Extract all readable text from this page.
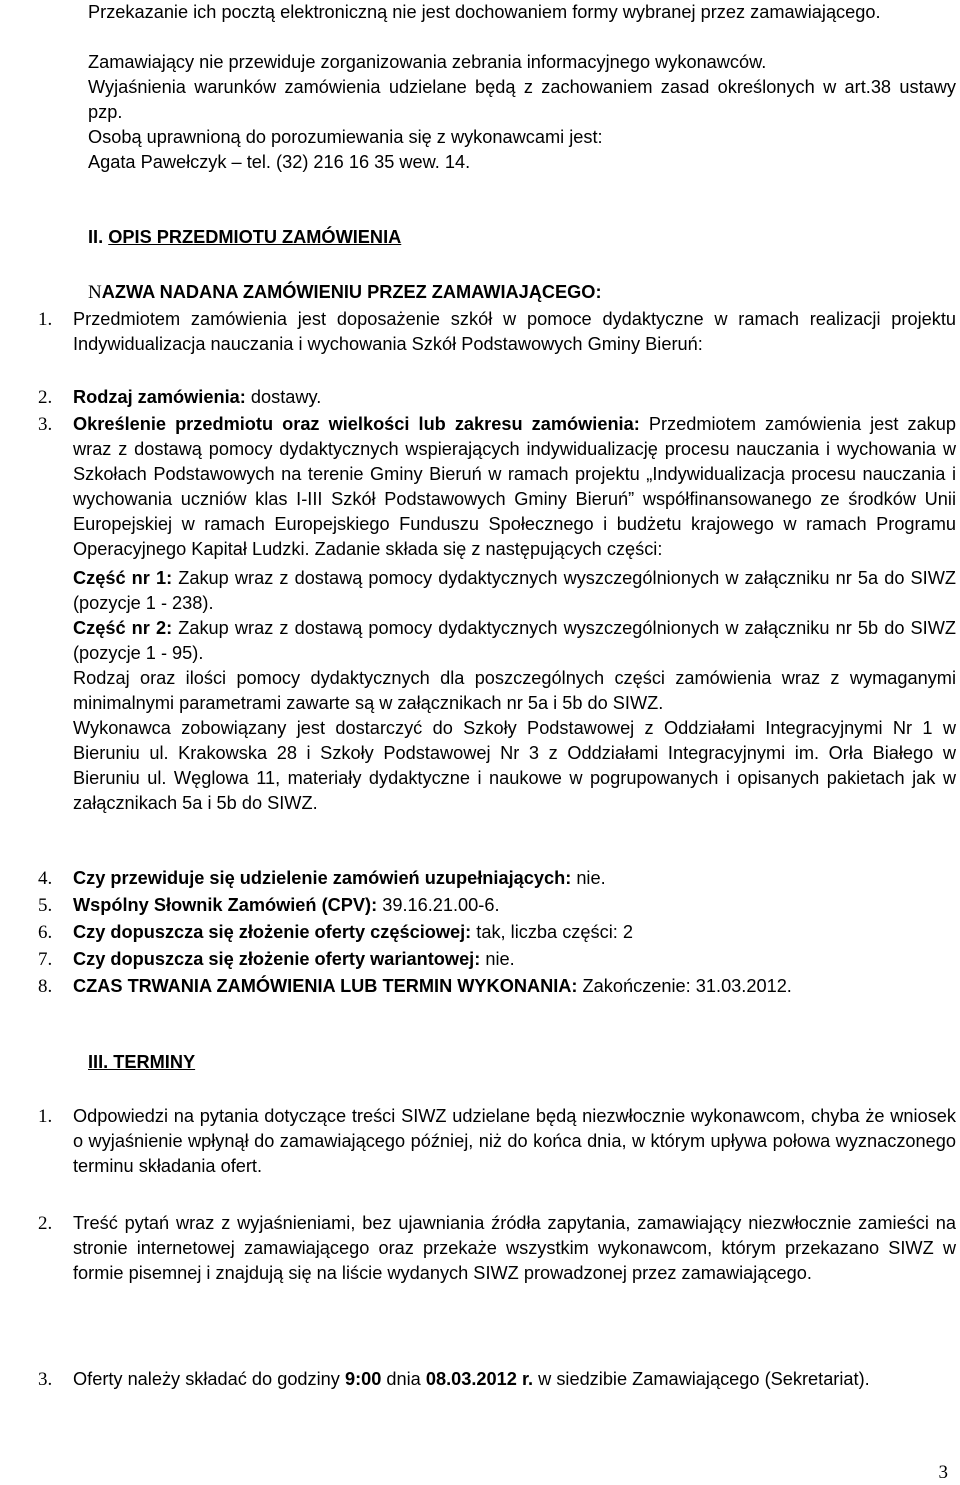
Przekazanie ich pocztą elektroniczną nie jest dochowaniem formy wybranej przez zamawiającego.
Zamawiający nie przewiduje zorganizowania zebrania informacyjnego wykonawców.
Wyjaśnienia warunków zamówienia udzielane będą z zachowaniem zasad określonych w art.38 ustawy pzp.
Osobą uprawnioną do porozumiewania się z wykonawcami jest:
Agata Pawełczyk – tel. (32) 216 16 35 wew. 14.
II. OPIS PRZEDMIOTU ZAMÓWIENIA
NAZWA NADANA ZAMÓWIENIU PRZEZ ZAMAWIAJĄCEGO:
1. Przedmiotem zamówienia jest doposażenie szkół w pomoce dydaktyczne w ramach realizacji projektu Indywidualizacja nauczania i wychowania Szkół Podstawowych Gminy Bieruń:
2. Rodzaj zamówienia: dostawy.
3. Określenie przedmiotu oraz wielkości lub zakresu zamówienia: Przedmiotem zamówienia jest zakup wraz z dostawą pomocy dydaktycznych wspierających indywidualizację procesu nauczania i wychowania w Szkołach Podstawowych na terenie Gminy Bieruń w ramach projektu „Indywidualizacja procesu nauczania i wychowania uczniów klas I-III Szkół Podstawowych Gminy Bieruń” współfinansowanego ze środków Unii Europejskiej w ramach Europejskiego Funduszu Społecznego i budżetu krajowego w ramach Programu Operacyjnego Kapitał Ludzki. Zadanie składa się z następujących części:
Część nr 1: Zakup wraz z dostawą pomocy dydaktycznych wyszczególnionych w załączniku nr 5a do SIWZ (pozycje 1 - 238).
Część nr 2: Zakup wraz z dostawą pomocy dydaktycznych wyszczególnionych w załączniku nr 5b do SIWZ (pozycje 1 - 95).
Rodzaj oraz ilości pomocy dydaktycznych dla poszczególnych części zamówienia wraz z wymaganymi minimalnymi parametrami zawarte są w załącznikach nr 5a i 5b do SIWZ.
Wykonawca zobowiązany jest dostarczyć do Szkoły Podstawowej z Oddziałami Integracyjnymi Nr 1 w Bieruniu ul. Krakowska 28 i Szkoły Podstawowej Nr 3 z Oddziałami Integracyjnymi im. Orła Białego w Bieruniu ul. Węglowa 11, materiały dydaktyczne i naukowe w pogrupowanych i opisanych pakietach jak w załącznikach 5a i 5b do SIWZ.
4. Czy przewiduje się udzielenie zamówień uzupełniających: nie.
5. Wspólny Słownik Zamówień (CPV): 39.16.21.00-6.
6. Czy dopuszcza się złożenie oferty częściowej: tak, liczba części: 2
7. Czy dopuszcza się złożenie oferty wariantowej: nie.
8. CZAS TRWANIA ZAMÓWIENIA LUB TERMIN WYKONANIA: Zakończenie: 31.03.2012.
III. TERMINY
1. Odpowiedzi na pytania dotyczące treści SIWZ udzielane będą niezwłocznie wykonawcom, chyba że wniosek o wyjaśnienie wpłynął do zamawiającego później, niż do końca dnia, w którym upływa połowa wyznaczonego terminu składania ofert.
2. Treść pytań wraz z wyjaśnieniami, bez ujawniania źródła zapytania, zamawiający niezwłocznie zamieści na stronie internetowej zamawiającego oraz przekaże wszystkim wykonawcom, którym przekazano SIWZ w formie pisemnej i znajdują się na liście wydanych SIWZ prowadzonej przez zamawiającego.
3. Oferty należy składać do godziny 9:00 dnia 08.03.2012 r. w siedzibie Zamawiającego (Sekretariat).
3
